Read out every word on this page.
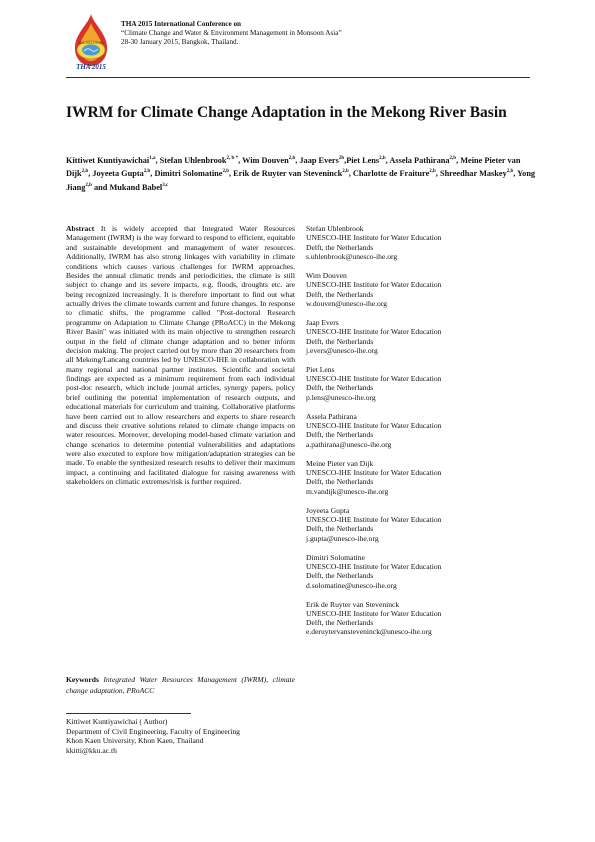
THA 2015 DEVEL
THA 2015
THA 2015 International Conference on
“Climate Change and Water & Environment Management in Monsoon Asia”
28-30 January 2015, Bangkok, Thailand.
IWRM for Climate Change Adaptation in the Mekong River Basin

Kittiwet Kuntiyawichai$^{1,a}$, Stefan Uhlenbrook$^{2, b *}$, Wim Douven$^{2,b}$, Jaap Evers$^{2b}$,Piet Lens$^{2,b}$, Assela Pathirana$^{2,b}$, Meine Pieter van Dijk$^{2,b}$, Joyeeta Gupta$^{2,b}$, Dimitri Solomatine$^{2,b}$, Erik de Ruyter van Steveninck$^{2,b}$, Charlotte de Fraiture$^{2,b}$, Shreedhar Maskey$^{2,b}$, Yong Jiang$^{2,b}$ and Mukand Babel$^{3,c}$

Abstract It is widely accepted that Integrated Water Resources Management (IWRM) is the way forward to respond to efficient, equitable and sustainable development and management of water resources. Additionally, IWRM has also strong linkages with variability in climate conditions which causes various challenges for IWRM approaches. Besides the annual climatic trends and periodicities, the climate is still subject to change and its severe impacts, e.g. floods, droughts etc. are being recognized increasingly. It is therefore important to find out what actually drives the climate towards current and future changes. In response to climatic shifts, the programme called "Post-doctoral Research programme on Adaptation to Climate Change (PRoACC) in the Mekong River Basin" was initiated with its main objective to strengthen research output in the field of climate change adaptation and to better inform decision making. The project carried out by more than 20 researchers from all Mekong/Lancang countries led by UNESCO-IHE in collaboration with many regional and national partner institutes. Scientific and societal findings are expected as a minimum requirement from each individual post-doc research, which include journal articles, synergy papers, policy brief outlining the potential implementation of research outputs, and educational materials for curriculum and training. Collaborative platforms have been carried out to allow researchers and experts to share research and discuss their creative solutions related to climate change impacts on water resources. Moreover, developing model-based climate variation and change scenarios to determine potential vulnerabilities and adaptations were also executed to explore how mitigation/adaptation strategies can be made. To enable the synthesized research results to deliver their maximum impact, a continuing and facilitated dialogue for raising awareness with stakeholders on climatic extremes/risk is further required.

Keywords Integrated Water Resources Management (IWRM), climate change adaptation, PRoACC

Kittiwet Kuntiyawichai ( Author)
Department of Civil Engineering, Faculty of Engineering
Khon Kaen University, Khon Kaen, Thailand
kkitti@kku.ac.th
Stefan Uhlenbrook
UNESCO-IHE Institute for Water Education
Delft, the Netherlands
s.uhlenbrook@unesco-ihe.org
Wim Douven
UNESCO-IHE Institute for Water Education
Delft, the Netherlands
w.douven@unesco-ihe.org
Jaap Evers
UNESCO-IHE Institute for Water Education
Delft, the Netherlands
j.evers@unesco-ihe.org
Piet Lens
UNESCO-IHE Institute for Water Education
Delft, the Netherlands
p.lens@unesco-ihe.org
Assela Pathirana
UNESCO-IHE Institute for Water Education
Delft, the Netherlands
a.pathirana@unesco-ihe.org
Meine Pieter van Dijk
UNESCO-IHE Institute for Water Education
Delft, the Netherlands
m.vandijk@unesco-ihe.org
Joyeeta Gupta
UNESCO-IHE Institute for Water Education
Delft, the Netherlands
j.gupta@unesco-ihe.org
Dimitri Solomatine
UNESCO-IHE Institute for Water Education
Delft, the Netherlands
d.solomatine@unesco-ihe.org
Erik de Ruyter van Steveninck
UNESCO-IHE Institute for Water Education
Delft, the Netherlands
e.deruytervansteveninck@unesco-ihe.org
